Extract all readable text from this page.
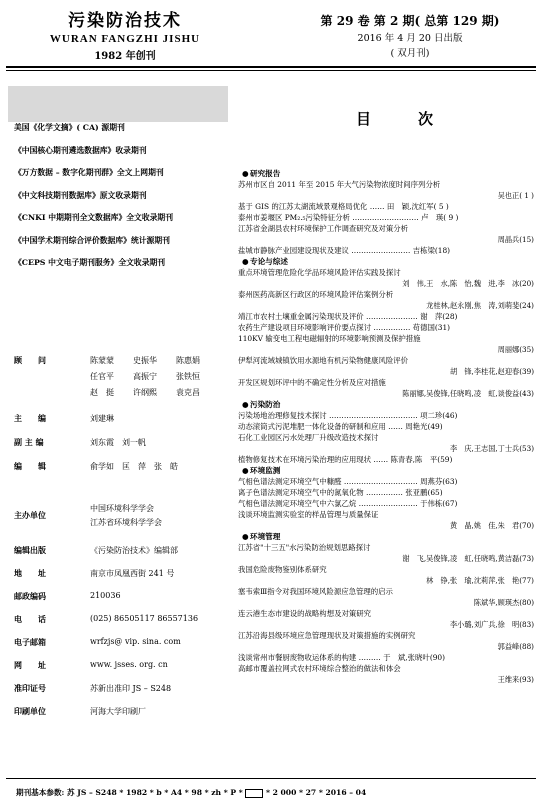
污染防治技术
WURAN FANGZHI JISHU
1982 年创刊
第 29 卷 第 2 期( 总第 129 期)
2016 年 4 月 20 日出版
( 双月刊)
美国《化学文摘》( CA) 源期刊
《中国核心期刊遴选数据库》收录期刊
《万方数据 – 数字化期刊群》全文上网期刊
《中文科技期刊数据库》原文收录期刊
《CNKI 中期期刊全文数据库》全文收录期刊
《中国学术期刊综合评价数据库》统计源期刊
《CEPS 中文电子期刊服务》全文收录期刊
顾　　问	陈蒙蒙 史振华 陈惠娟
任官平 高振宁 张铁恒
赵　挺 许纲熙 袁克昌
主　　编	刘建琳
副 主 编	刘东霞　刘一帆
编　　辑	俞学如　匡　萍　张　皓
主办单位
中国环境科学学会
江苏省环境科学学会
编辑出版	《污染防治技术》编辑部
地　　址	南京市凤凰西街 241 号
邮政编码	210036
电　　话	(025) 86505117 86557136
电子邮箱	wrfzjs@ vip. sina. com
网　　址	www. jsses. org. cn
准印证号	苏新出准印 JS – S248
印刷单位	河海大学印刷厂
目　次
● 研究报告
苏州市区自 2011 年至 2015 年大气污染物浓度时间序列分析
吴也正( 1 )
基于 GIS 的江苏太湖流域景观格局优化 …… 田　颖,沈红军( 5 )
泰州市姜堰区 PM₂.₅污染特征分析 ……………………… 卢　瑛( 9 )
江苏省金湖县农村环境保护工作调查研究及对策分析
周晶兵(15)
盐城市静脉产业园建设现状及建议 …………………… 吉栋梁(18)
● 专论与综述
重点环境管理危险化学品环境风险评估实践及探讨
刘　伟,王　水,陈　怡,魏　进,李　冰(20)
泰州医药高新区行政区的环境风险评估案例分析
龙桂林,赵永刚,焦　涛,刘萌斐(24)
靖江市农村土壤重金属污染现状及评价 ………………… 谢　萍(28)
农药生产建设项目环境影响评价要点探讨 …………… 苟德国(31)
110KV 输变电工程电磁辐射的环境影响预测及保护措施
周丽娜(35)
伊犁河流域城镇饮用水源地有机污染物健康风险评价
胡　锋,李桂花,赵迎春(39)
开发区规划环评中的不确定性分析及应对措施
陈丽娜,吴俊锋,任晓鸣,凌　虹,谈俊益(43)
● 污染防治
污染场地治理修复技术探讨 ……………………………… 项二珍(46)
动态滚筒式污泥堆肥一体化设备的研制和应用 …… 周艳光(49)
石化工业园区污水处理厂升级改造技术探讨
李　庆,王志国,丁士兵(53)
植物修复技术在环境污染治理的应用现状 …… 陈青春,陈　平(59)
● 环境监测
气相色谱法测定环境空气中糠醛 ………………………… 周燕芬(63)
离子色谱法测定环境空气中的氮氧化物 …………… 张亚鹏(65)
气相色谱法测定环境空气中六氯乙烷 …………………… 于伟栋(67)
浅谈环境监测实验室的样品管理与质量保证
黄　晶,姚　佳,朱　君(70)
● 环境管理
江苏省"十三五"水污染防治规划思路探讨
谢　飞,吴俊锋,凌　虹,任晓鸣,黄洁磊(73)
我国危险废物鉴别体系研究
林　铮,张　瑜,沈莉萍,张　艳(77)
塞韦索Ⅲ指令对我国环境风险源应急管理的启示
陈斌华,顾瑛杰(80)
连云港生态市建设的战略构想及对策研究
李小璐,刘广兵,徐　明(83)
江苏沿海县级环境应急管理现状及对策措施的实例研究
郭益峰(88)
浅谈常州市餐厨废物收运体系的构建 ……… 于　斌,张晓叶(90)
高邮市覆盖拉网式农村环境综合整治的做法和体会
王维来(93)
期刊基本参数: 苏 JS – S248 * 1982 * b * A4 * 98 * zh * P *	* 2 000 * 27 * 2016 – 04
